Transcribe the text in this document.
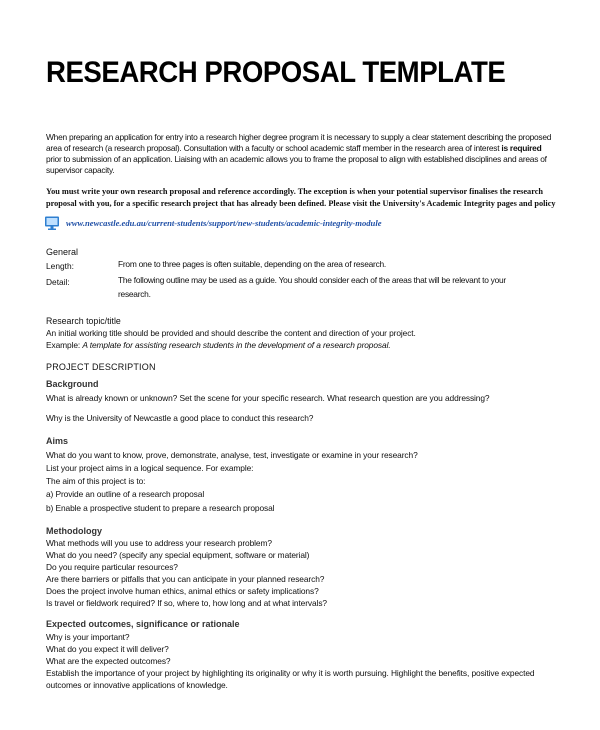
RESEARCH PROPOSAL TEMPLATE
When preparing an application for entry into a research higher degree program it is necessary to supply a clear statement describing the proposed area of research (a research proposal). Consultation with a faculty or school academic staff member in the research area of interest is required prior to submission of an application. Liaising with an academic allows you to frame the proposal to align with established disciplines and areas of supervisor capacity.
You must write your own research proposal and reference accordingly. The exception is when your potential supervisor finalises the research proposal with you, for a specific research project that has already been defined. Please visit the University's Academic Integrity pages and policy
www.newcastle.edu.au/current-students/support/new-students/academic-integrity-module
General
Length:	From one to three pages is often suitable, depending on the area of research.
Detail:	The following outline may be used as a guide. You should consider each of the areas that will be relevant to your
research.
Research topic/title
An initial working title should be provided and should describe the content and direction of your project.
Example: A template for assisting research students in the development of a research proposal.
PROJECT DESCRIPTION
Background
What is already known or unknown? Set the scene for your specific research. What research question are you addressing?
Why is the University of Newcastle a good place to conduct this research?
Aims
What do you want to know, prove, demonstrate, analyse, test, investigate or examine in your research?
List your project aims in a logical sequence. For example:
The aim of this project is to:
a) Provide an outline of a research proposal
b) Enable a prospective student to prepare a research proposal
Methodology
What methods will you use to address your research problem?
What do you need? (specify any special equipment, software or material)
Do you require particular resources?
Are there barriers or pitfalls that you can anticipate in your planned research?
Does the project involve human ethics, animal ethics or safety implications?
Is travel or fieldwork required? If so, where to, how long and at what intervals?
Expected outcomes, significance or rationale
Why is your important?
What do you expect it will deliver?
What are the expected outcomes?
Establish the importance of your project by highlighting its originality or why it is worth pursuing. Highlight the benefits, positive expected
outcomes or innovative applications of knowledge.
